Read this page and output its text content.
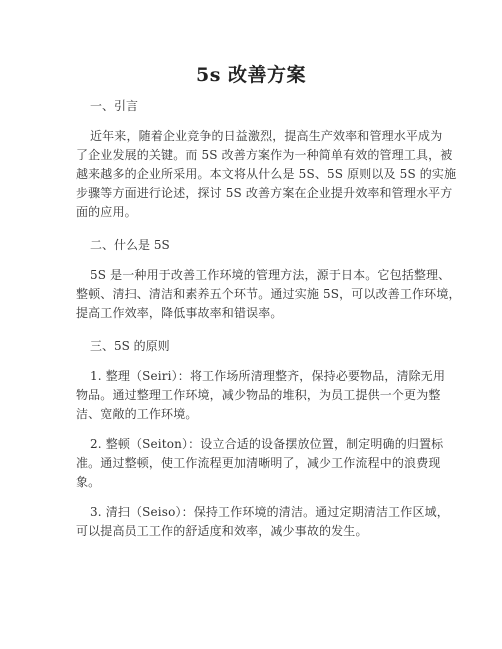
5s 改善方案
一、引言
近年来，随着企业竞争的日益激烈，提高生产效率和管理水平成为
了企业发展的关键。而 5S 改善方案作为一种简单有效的管理工具，被
越来越多的企业所采用。本文将从什么是 5S、5S 原则以及 5S 的实施
步骤等方面进行论述，探讨 5S 改善方案在企业提升效率和管理水平方
面的应用。
二、什么是 5S
5S 是一种用于改善工作环境的管理方法，源于日本。它包括整理、
整顿、清扫、清洁和素养五个环节。通过实施 5S，可以改善工作环境，
提高工作效率，降低事故率和错误率。
三、5S 的原则
1. 整理（Seiri）：将工作场所清理整齐，保持必要物品，清除无用
物品。通过整理工作环境，减少物品的堆积，为员工提供一个更为整
洁、宽敞的工作环境。
2. 整顿（Seiton）：设立合适的设备摆放位置，制定明确的归置标
准。通过整顿，使工作流程更加清晰明了，减少工作流程中的浪费现
象。
3. 清扫（Seiso）：保持工作环境的清洁。通过定期清洁工作区域，
可以提高员工工作的舒适度和效率，减少事故的发生。
